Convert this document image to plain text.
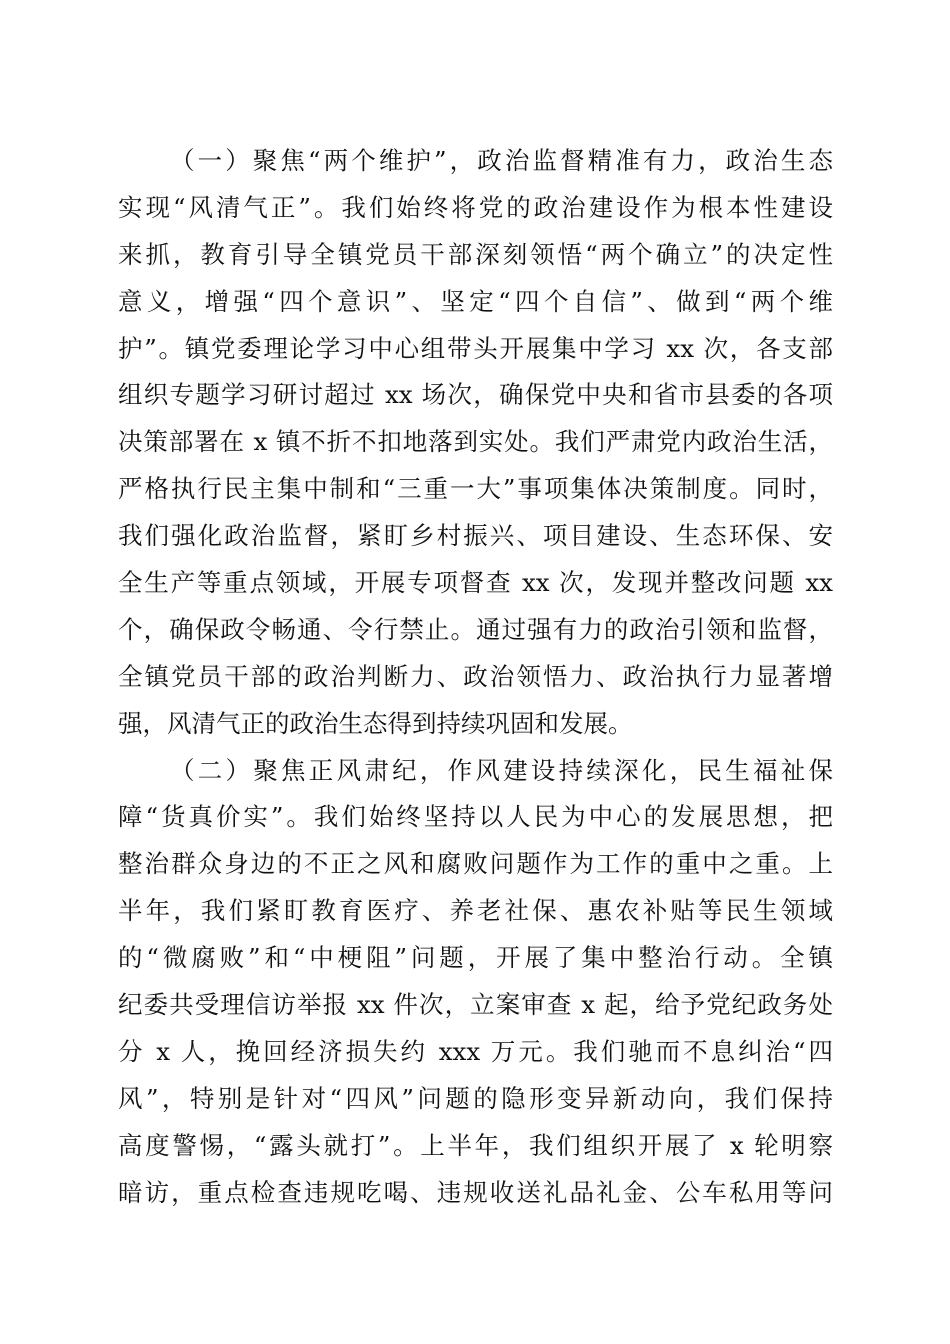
（一）聚焦“两个维护”，政治监督精准有力，政治生态
实现“风清气正”。我们始终将党的政治建设作为根本性建设
来抓，教育引导全镇党员干部深刻领悟“两个确立”的决定性
意义，增强“四个意识”、坚定“四个自信”、做到“两个维
护”。镇党委理论学习中心组带头开展集中学习 xx 次，各支部
组织专题学习研讨超过 xx 场次，确保党中央和省市县委的各项
决策部署在 x 镇不折不扣地落到实处。我们严肃党内政治生活，
严格执行民主集中制和“三重一大”事项集体决策制度。同时，
我们强化政治监督，紧盯乡村振兴、项目建设、生态环保、安
全生产等重点领域，开展专项督查 xx 次，发现并整改问题 xx
个，确保政令畅通、令行禁止。通过强有力的政治引领和监督，
全镇党员干部的政治判断力、政治领悟力、政治执行力显著增
强，风清气正的政治生态得到持续巩固和发展。
（二）聚焦正风肃纪，作风建设持续深化，民生福祉保
障“货真价实”。我们始终坚持以人民为中心的发展思想，把
整治群众身边的不正之风和腐败问题作为工作的重中之重。上
半年，我们紧盯教育医疗、养老社保、惠农补贴等民生领域
的“微腐败”和“中梗阻”问题，开展了集中整治行动。全镇
纪委共受理信访举报 xx 件次，立案审查 x 起，给予党纪政务处
分 x 人，挽回经济损失约 xxx 万元。我们驰而不息纠治“四
风”，特别是针对“四风”问题的隐形变异新动向，我们保持
高度警惕，“露头就打”。上半年，我们组织开展了 x 轮明察
暗访，重点检查违规吃喝、违规收送礼品礼金、公车私用等问
